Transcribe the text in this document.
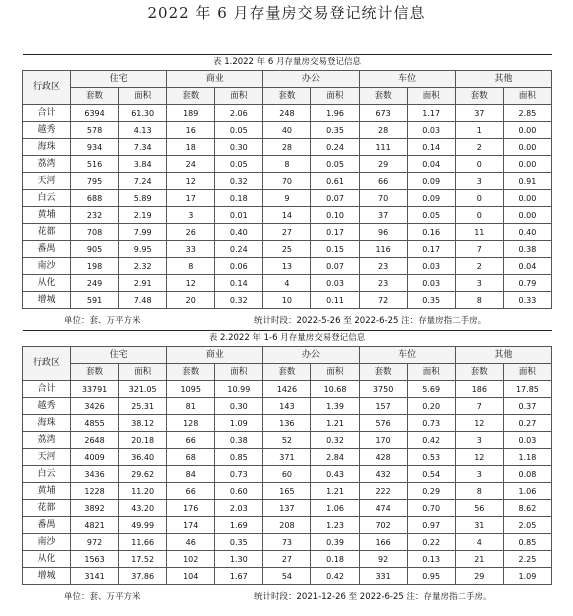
2022 年 6 月存量房交易登记统计信息
表 1.2022 年 6 月存量房交易登记信息										
行政区	住宅		商业		办公		车位		其他	
	套数	面积	套数	面积	套数	面积	套数	面积	套数	面积
合计	6394	61.30	189	2.06	248	1.96	673	1.17	37	2.85
越秀	578	4.13	16	0.05	40	0.35	28	0.03	1	0.00
海珠	934	7.34	18	0.30	28	0.24	111	0.14	2	0.00
荔湾	516	3.84	24	0.05	8	0.05	29	0.04	0	0.00
天河	795	7.24	12	0.32	70	0.61	66	0.09	3	0.91
白云	688	5.89	17	0.18	9	0.07	70	0.09	0	0.00
黄埔	232	2.19	3	0.01	14	0.10	37	0.05	0	0.00
花都	708	7.99	26	0.40	27	0.17	96	0.16	11	0.40
番禺	905	9.95	33	0.24	25	0.15	116	0.17	7	0.38
南沙	198	2.32	8	0.06	13	0.07	23	0.03	2	0.04
从化	249	2.91	12	0.14	4	0.03	23	0.03	3	0.79
增城	591	7.48	20	0.32	10	0.11	72	0.35	8	0.33
单位：套、万平方米	统计时段：2022-5-26 至 2022-6-25 注：存量房指二手房。
表 2.2022 年 1-6 月存量房交易登记信息										
行政区	住宅		商业		办公		车位		其他	
	套数	面积	套数	面积	套数	面积	套数	面积	套数	面积
合计	33791	321.05	1095	10.99	1426	10.68	3750	5.69	186	17.85
越秀	3426	25.31	81	0.30	143	1.39	157	0.20	7	0.37
海珠	4855	38.12	128	1.09	136	1.21	576	0.73	12	0.27
荔湾	2648	20.18	66	0.38	52	0.32	170	0.42	3	0.03
天河	4009	36.40	68	0.85	371	2.84	428	0.53	12	1.18
白云	3436	29.62	84	0.73	60	0.43	432	0.54	3	0.08
黄埔	1228	11.20	66	0.60	165	1.21	222	0.29	8	1.06
花都	3892	43.20	176	2.03	137	1.06	474	0.70	56	8.62
番禺	4821	49.99	174	1.69	208	1.23	702	0.97	31	2.05
南沙	972	11.66	46	0.35	73	0.39	166	0.22	4	0.85
从化	1563	17.52	102	1.30	27	0.18	92	0.13	21	2.25
增城	3141	37.86	104	1.67	54	0.42	331	0.95	29	1.09
单位：套、万平方米	统计时段：2021-12-26 至 2022-6-25 注：存量房指二手房。
